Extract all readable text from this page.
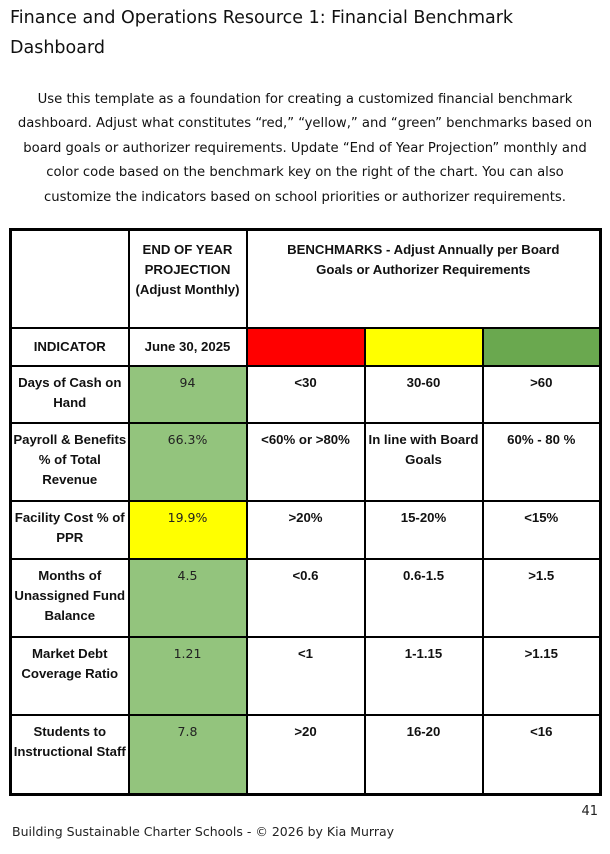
Finance and Operations Resource 1: Financial Benchmark Dashboard

Use this template as a foundation for creating a customized financial benchmark dashboard. Adjust what constitutes “red,” “yellow,” and “green” benchmarks based on board goals or authorizer requirements. Update “End of Year Projection” monthly and color code based on the benchmark key on the right of the chart. You can also customize the indicators based on school priorities or authorizer requirements.

	END OF YEAR PROJECTION (Adjust Monthly)	BENCHMARKS - Adjust Annually per Board Goals or Authorizer Requirements		
INDICATOR	June 30, 2025			
Days of Cash on Hand	94	<30	30-60	>60
Payroll & Benefits % of Total Revenue	66.3%	<60% or >80%	In line with Board Goals	60% - 80 %
Facility Cost % of PPR	19.9%	>20%	15-20%	<15%
Months of Unassigned Fund Balance	4.5	<0.6	0.6-1.5	>1.5
Market Debt Coverage Ratio	1.21	<1	1-1.15	>1.15
Students to Instructional Staff	7.8	>20	16-20	<16
41
Building Sustainable Charter Schools - © 2026 by Kia Murray
